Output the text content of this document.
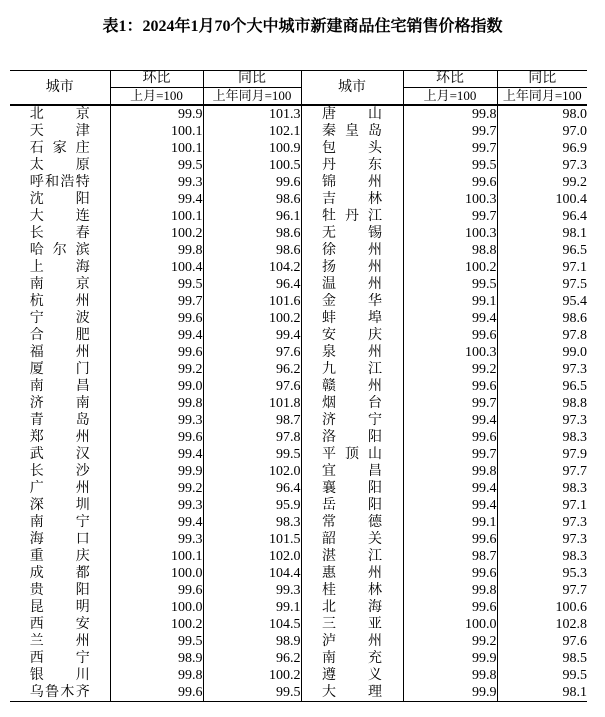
表1：2024年1月70个大中城市新建商品住宅销售价格指数
城市	环比	同比	城市	环比	同比
	上月=100	上年同月=100		上月=100	上年同月=100
北京	99.9	101.3	唐山	99.8	98.0
天津	100.1	102.1	秦皇岛	99.7	97.0
石家庄	100.1	100.9	包头	99.7	96.9
太原	99.5	100.5	丹东	99.5	97.3
呼和浩特	99.3	99.6	锦州	99.6	99.2
沈阳	99.4	98.6	吉林	100.3	100.4
大连	100.1	96.1	牡丹江	99.7	96.4
长春	100.2	98.6	无锡	100.3	98.1
哈尔滨	99.8	98.6	徐州	98.8	96.5
上海	100.4	104.2	扬州	100.2	97.1
南京	99.5	96.4	温州	99.5	97.5
杭州	99.7	101.6	金华	99.1	95.4
宁波	99.6	100.2	蚌埠	99.4	98.6
合肥	99.4	99.4	安庆	99.6	97.8
福州	99.6	97.6	泉州	100.3	99.0
厦门	99.2	96.2	九江	99.2	97.3
南昌	99.0	97.6	赣州	99.6	96.5
济南	99.8	101.8	烟台	99.7	98.8
青岛	99.3	98.7	济宁	99.4	97.3
郑州	99.6	97.8	洛阳	99.6	98.3
武汉	99.4	99.5	平顶山	99.7	97.9
长沙	99.9	102.0	宜昌	99.8	97.7
广州	99.2	96.4	襄阳	99.4	98.3
深圳	99.3	95.9	岳阳	99.4	97.1
南宁	99.4	98.3	常德	99.1	97.3
海口	99.3	101.5	韶关	99.6	97.3
重庆	100.1	102.0	湛江	98.7	98.3
成都	100.0	104.4	惠州	99.6	95.3
贵阳	99.6	99.3	桂林	99.8	97.7
昆明	100.0	99.1	北海	99.6	100.6
西安	100.2	104.5	三亚	100.0	102.8
兰州	99.5	98.9	泸州	99.2	97.6
西宁	98.9	96.2	南充	99.9	98.5
银川	99.8	100.2	遵义	99.8	99.5
乌鲁木齐	99.6	99.5	大理	99.9	98.1
